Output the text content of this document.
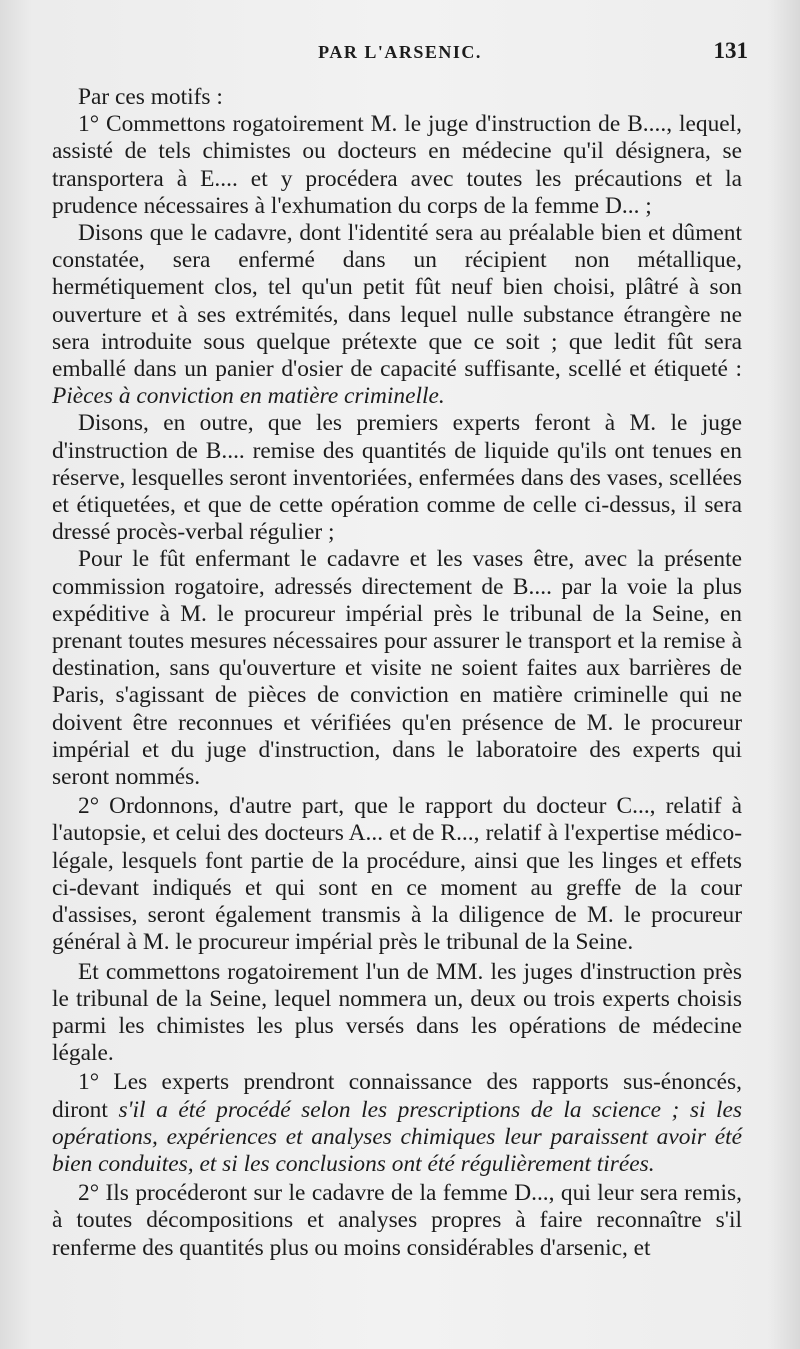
PAR L'ARSENIC.	131

Par ces motifs :

1° Commettons rogatoirement M. le juge d'instruction de B...., lequel, assisté de tels chimistes ou docteurs en médecine qu'il désignera, se transportera à E.... et y procédera avec toutes les précautions et la prudence nécessaires à l'exhumation du corps de la femme D... ;

Disons que le cadavre, dont l'identité sera au préalable bien et dûment constatée, sera enfermé dans un récipient non métallique, hermétiquement clos, tel qu'un petit fût neuf bien choisi, plâtré à son ouverture et à ses extrémités, dans lequel nulle substance étrangère ne sera introduite sous quelque prétexte que ce soit ; que ledit fût sera emballé dans un panier d'osier de capacité suffisante, scellé et étiqueté : Pièces à conviction en matière criminelle.

Disons, en outre, que les premiers experts feront à M. le juge d'instruction de B.... remise des quantités de liquide qu'ils ont tenues en réserve, lesquelles seront inventoriées, enfermées dans des vases, scellées et étiquetées, et que de cette opération comme de celle ci-dessus, il sera dressé procès-verbal régulier ;

Pour le fût enfermant le cadavre et les vases être, avec la présente commission rogatoire, adressés directement de B.... par la voie la plus expéditive à M. le procureur impérial près le tribunal de la Seine, en prenant toutes mesures nécessaires pour assurer le transport et la remise à destination, sans qu'ouverture et visite ne soient faites aux barrières de Paris, s'agissant de pièces de conviction en matière criminelle qui ne doivent être reconnues et vérifiées qu'en présence de M. le procureur impérial et du juge d'instruction, dans le laboratoire des experts qui seront nommés.

2° Ordonnons, d'autre part, que le rapport du docteur C..., relatif à l'autopsie, et celui des docteurs A... et de R..., relatif à l'expertise médico-légale, lesquels font partie de la procédure, ainsi que les linges et effets ci-devant indiqués et qui sont en ce moment au greffe de la cour d'assises, seront également transmis à la diligence de M. le procureur général à M. le procureur impérial près le tribunal de la Seine.

Et commettons rogatoirement l'un de MM. les juges d'instruction près le tribunal de la Seine, lequel nommera un, deux ou trois experts choisis parmi les chimistes les plus versés dans les opérations de médecine légale.

1° Les experts prendront connaissance des rapports sus-énoncés, diront s'il a été procédé selon les prescriptions de la science ; si les opérations, expériences et analyses chimiques leur paraissent avoir été bien conduites, et si les conclusions ont été régulièrement tirées.

2° Ils procéderont sur le cadavre de la femme D..., qui leur sera remis, à toutes décompositions et analyses propres à faire reconnaître s'il renferme des quantités plus ou moins considérables d'arsenic, et
